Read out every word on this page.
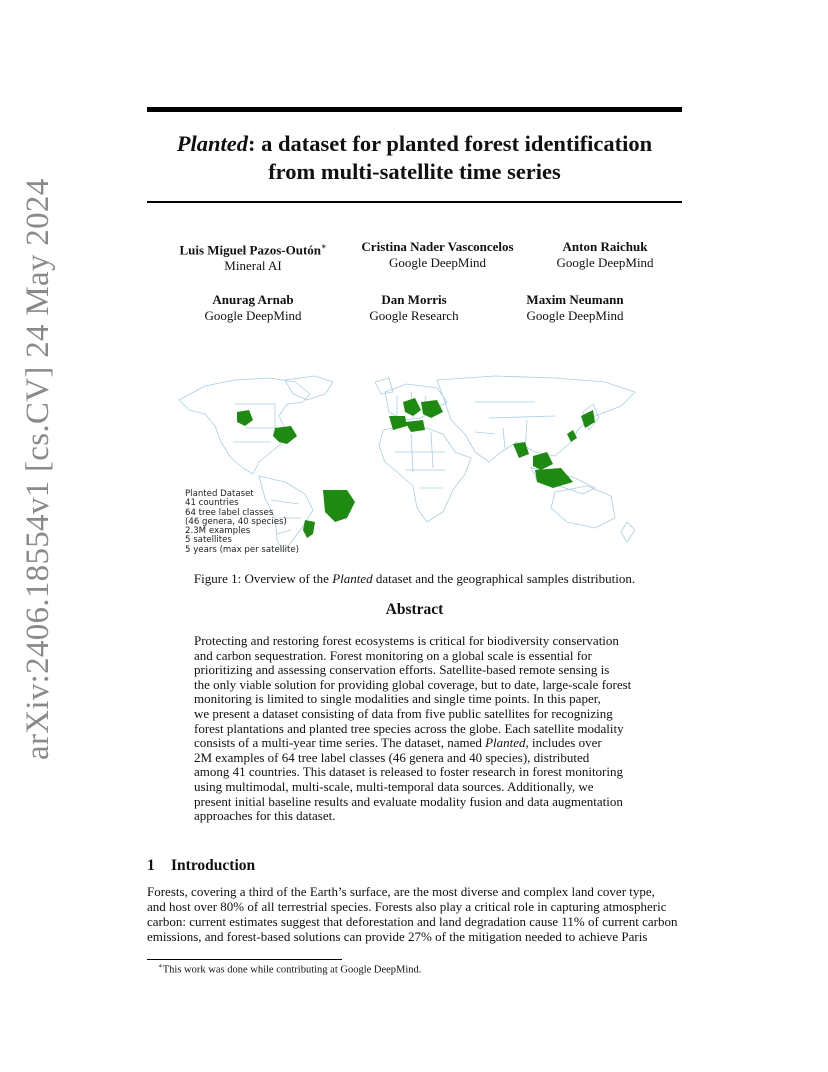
arXiv:2406.18554v1 [cs.CV] 24 May 2024
Planted: a dataset for planted forest identification
from multi-satellite time series
Luis Miguel Pazos-Outón∗
Mineral AI
Cristina Nader Vasconcelos
Google DeepMind
Anton Raichuk
Google DeepMind
Anurag Arnab
Google DeepMind
Dan Morris
Google Research
Maxim Neumann
Google DeepMind
Planted Dataset
41 countries
64 tree label classes
(46 genera, 40 species)
2.3M examples
5 satellites
5 years (max per satellite)
Figure 1: Overview of the Planted dataset and the geographical samples distribution.
Abstract
Protecting and restoring forest ecosystems is critical for biodiversity conservation
and carbon sequestration. Forest monitoring on a global scale is essential for
prioritizing and assessing conservation efforts. Satellite-based remote sensing is
the only viable solution for providing global coverage, but to date, large-scale forest
monitoring is limited to single modalities and single time points. In this paper,
we present a dataset consisting of data from five public satellites for recognizing
forest plantations and planted tree species across the globe. Each satellite modality
consists of a multi-year time series. The dataset, named Planted, includes over
2M examples of 64 tree label classes (46 genera and 40 species), distributed
among 41 countries. This dataset is released to foster research in forest monitoring
using multimodal, multi-scale, multi-temporal data sources. Additionally, we
present initial baseline results and evaluate modality fusion and data augmentation
approaches for this dataset.
1 Introduction
Forests, covering a third of the Earth’s surface, are the most diverse and complex land cover type,
and host over 80% of all terrestrial species. Forests also play a critical role in capturing atmospheric
carbon: current estimates suggest that deforestation and land degradation cause 11% of current carbon
emissions, and forest-based solutions can provide 27% of the mitigation needed to achieve Paris
∗This work was done while contributing at Google DeepMind.
